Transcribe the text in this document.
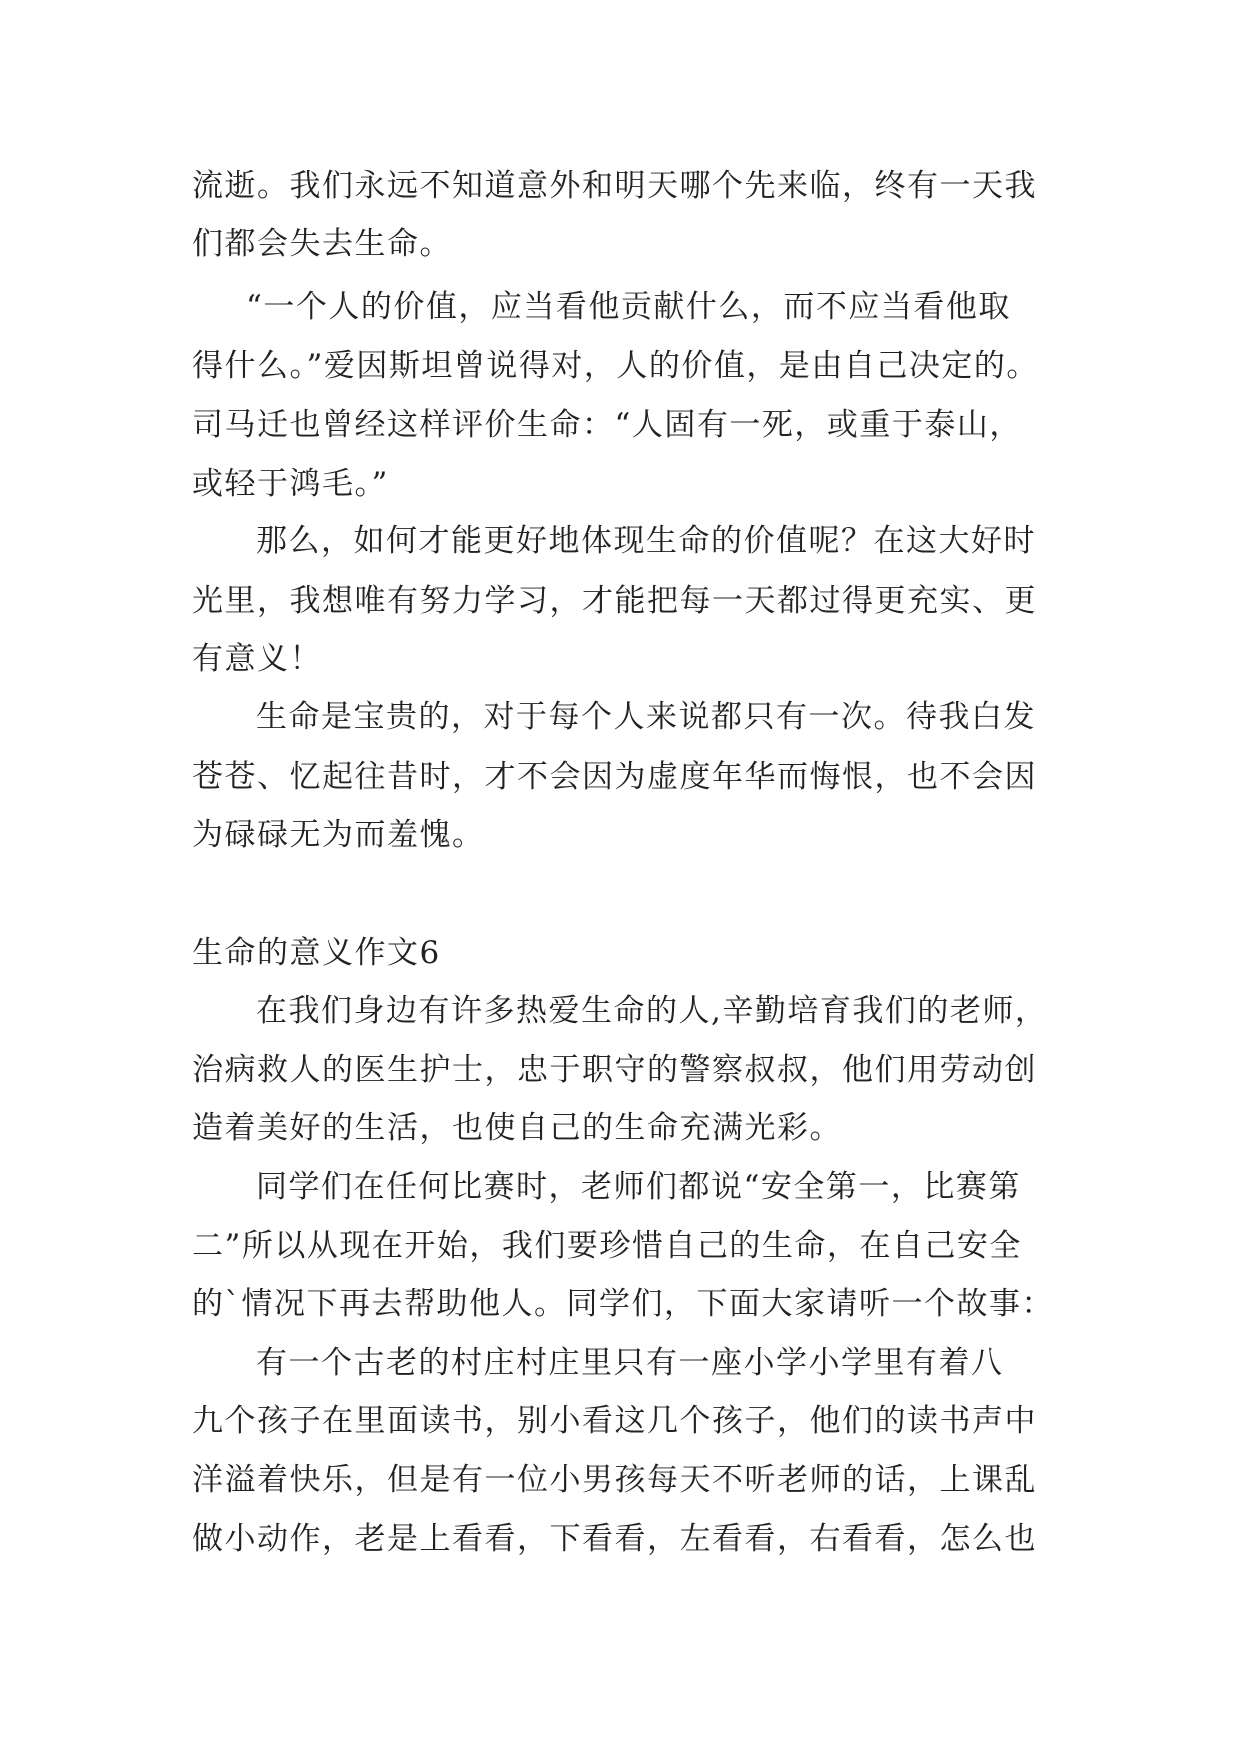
流逝。我们永远不知道意外和明天哪个先来临，终有一天我
们都会失去生命。
“一个人的价值，应当看他贡献什么，而不应当看他取
得什么。”爱因斯坦曾说得对，人的价值，是由自己决定的。
司马迁也曾经这样评价生命：“人固有一死，或重于泰山，
或轻于鸿毛。”
那么，如何才能更好地体现生命的价值呢？在这大好时
光里，我想唯有努力学习，才能把每一天都过得更充实、更
有意义！
生命是宝贵的，对于每个人来说都只有一次。待我白发
苍苍、忆起往昔时，才不会因为虚度年华而悔恨，也不会因
为碌碌无为而羞愧。
生命的意义作文6
在我们身边有许多热爱生命的人,辛勤培育我们的老师，
治病救人的医生护士，忠于职守的警察叔叔，他们用劳动创
造着美好的生活，也使自己的生命充满光彩。
同学们在任何比赛时，老师们都说“安全第一，比赛第
二”所以从现在开始，我们要珍惜自己的生命，在自己安全
的`情况下再去帮助他人。同学们，下面大家请听一个故事：
有一个古老的村庄村庄里只有一座小学小学里有着八
九个孩子在里面读书，别小看这几个孩子，他们的读书声中
洋溢着快乐，但是有一位小男孩每天不听老师的话，上课乱
做小动作，老是上看看，下看看，左看看，右看看，怎么也
